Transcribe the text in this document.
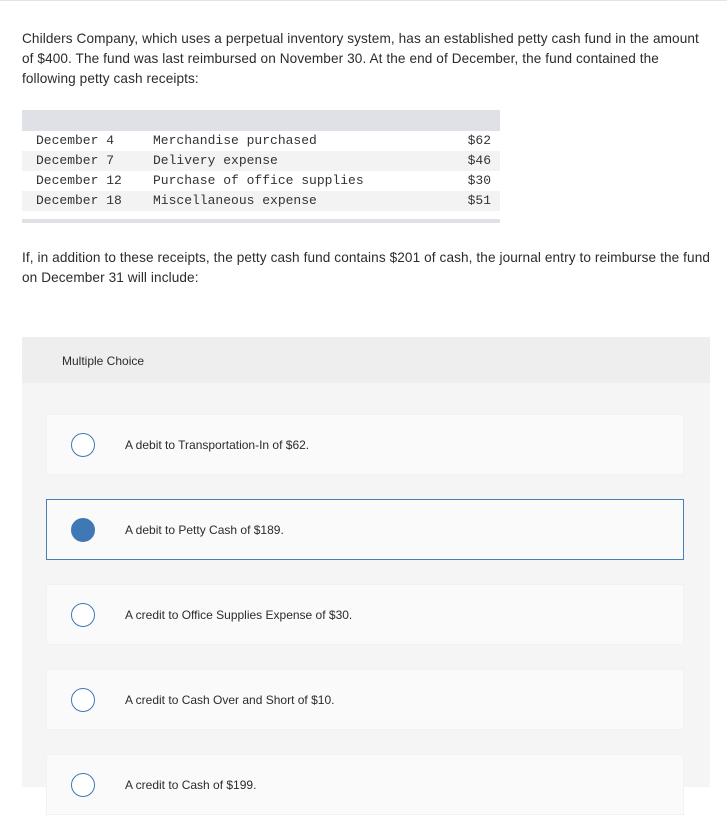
Childers Company, which uses a perpetual inventory system, has an established petty cash fund in the amount of $400. The fund was last reimbursed on November 30. At the end of December, the fund contained the following petty cash receipts:
December 4	Merchandise purchased	$62
December 7	Delivery expense	$46
December 12 Purchase of office supplies	$30
December 18 Miscellaneous expense	$51
If, in addition to these receipts, the petty cash fund contains $201 of cash, the journal entry to reimburse the fund on December 31 will include:
Multiple Choice
A debit to Transportation-In of $62.
A debit to Petty Cash of $189.
A credit to Office Supplies Expense of $30.
A credit to Cash Over and Short of $10.
A credit to Cash of $199.
